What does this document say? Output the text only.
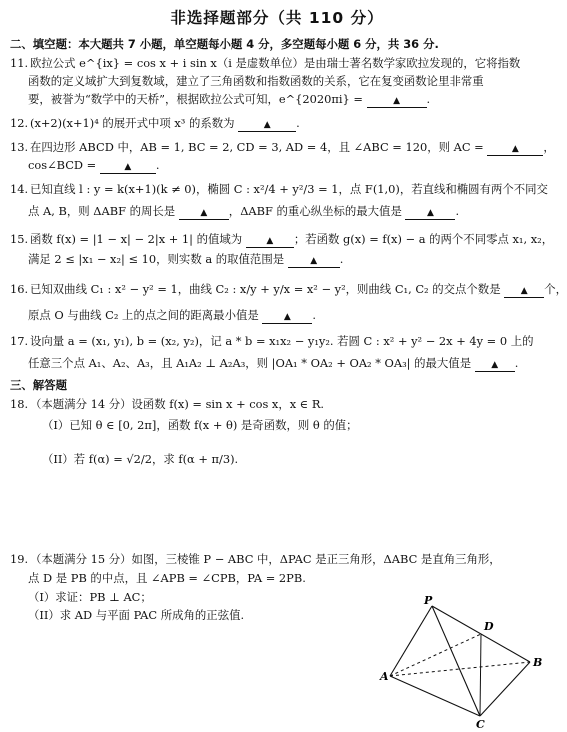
非选择题部分（共 110 分）
二、填空题：本大题共 7 小题，单空题每小题 4 分，多空题每小题 6 分，共 36 分.
11. 欧拉公式 e^{ix} = cos x + i sin x（i 是虚数单位）是由瑞士著名数学家欧拉发现的，它将指数
函数的定义域扩大到复数域，建立了三角函数和指数函数的关系，它在复变函数论里非常重
要，被誉为“数学中的天桥”，根据欧拉公式可知，e^{2020πi} =	▲ .
12. (x+2)(x+1)⁴ 的展开式中项 x³ 的系数为	▲ .
13. 在四边形 ABCD 中，AB = 1, BC = 2, CD = 3, AD = 4，且 ∠ABC = 120，则 AC =	▲ ，
cos∠BCD =	▲ .
14. 已知直线 l : y = k(x+1)(k ≠ 0)，椭圆 C : x²/4 + y²/3 = 1，点 F(1,0)，若直线和椭圆有两个不同交
点 A, B，则 ΔABF 的周长是	▲ ，ΔABF 的重心纵坐标的最大值是	▲ .
15. 函数 f(x) = |1 − x| − 2|x + 1| 的值域为	▲ ；若函数 g(x) = f(x) − a 的两个不同零点 x₁, x₂，
满足 2 ≤ |x₁ − x₂| ≤ 10，则实数 a 的取值范围是	▲ .
16. 已知双曲线 C₁ : x² − y² = 1，曲线 C₂ : x/y + y/x = x² − y²，则曲线 C₁, C₂ 的交点个数是 ▲ 个，
原点 O 与曲线 C₂ 上的点之间的距离最小值是	▲ .
17. 设向量 a = (x₁, y₁), b = (x₂, y₂)，记 a * b = x₁x₂ − y₁y₂. 若圆 C : x² + y² − 2x + 4y = 0 上的
任意三个点 A₁、A₂、A₃，且 A₁A₂ ⊥ A₂A₃，则 |OA₁ * OA₂ + OA₂ * OA₃| 的最大值是 ▲ .
三、解答题
18. （本题满分 14 分）设函数 f(x) = sin x + cos x，x ∈ R.
（I）已知 θ ∈ [0, 2π]，函数 f(x + θ) 是奇函数，则 θ 的值；
（II）若 f(α) = √2/2，求 f(α + π/3).
19. （本题满分 15 分）如图，三棱锥 P − ABC 中，ΔPAC 是正三角形，ΔABC 是直角三角形，
点 D 是 PB 的中点，且 ∠APB = ∠CPB，PA = 2PB.
（I）求证：PB ⊥ AC；
（II）求 AD 与平面 PAC 所成角的正弦值.
P
D
B
A
C
